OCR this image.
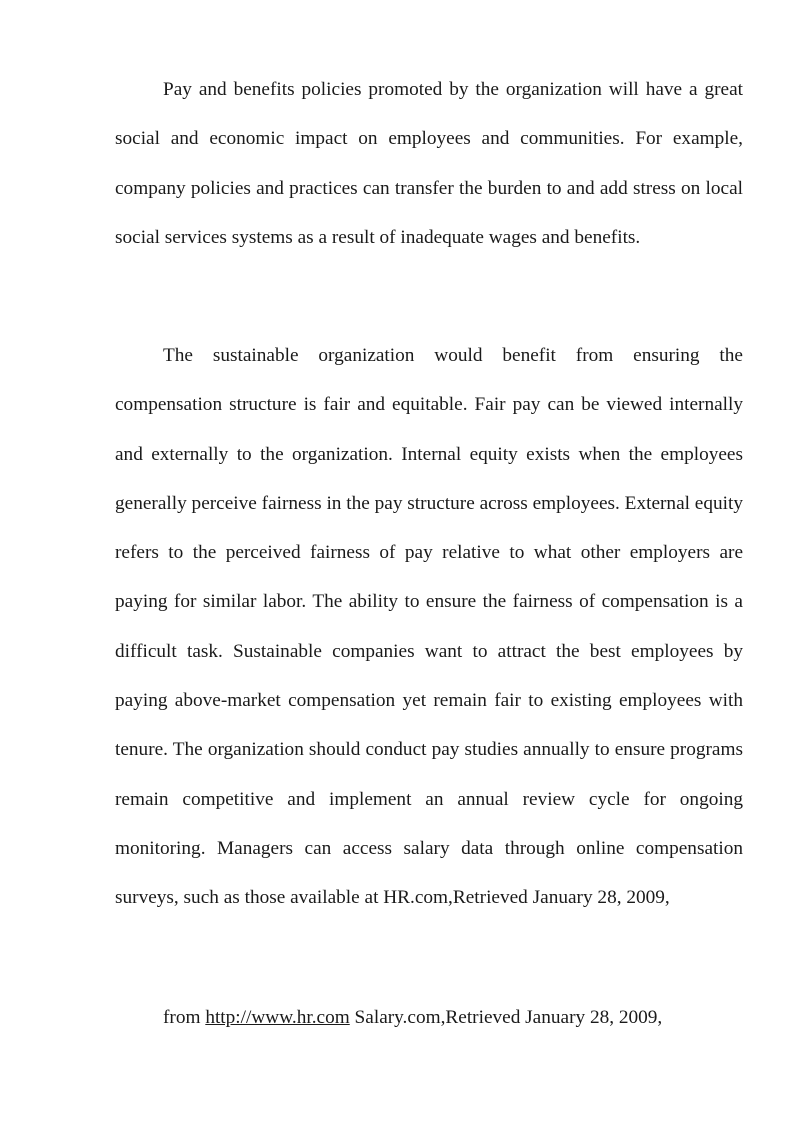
Pay and benefits policies promoted by the organization will have a great social and economic impact on employees and communities. For example, company policies and practices can transfer the burden to and add stress on local social services systems as a result of inadequate wages and benefits.

The sustainable organization would benefit from ensuring the compensation structure is fair and equitable. Fair pay can be viewed internally and externally to the organization. Internal equity exists when the employees generally perceive fairness in the pay structure across employees. External equity refers to the perceived fairness of pay relative to what other employers are paying for similar labor. The ability to ensure the fairness of compensation is a difficult task. Sustainable companies want to attract the best employees by paying above-market compensation yet remain fair to existing employees with tenure. The organization should conduct pay studies annually to ensure programs remain competitive and implement an annual review cycle for ongoing monitoring. Managers can access salary data through online compensation surveys, such as those available at HR.com,Retrieved January 28, 2009,

from http://www.hr.com Salary.com,Retrieved January 28, 2009,
